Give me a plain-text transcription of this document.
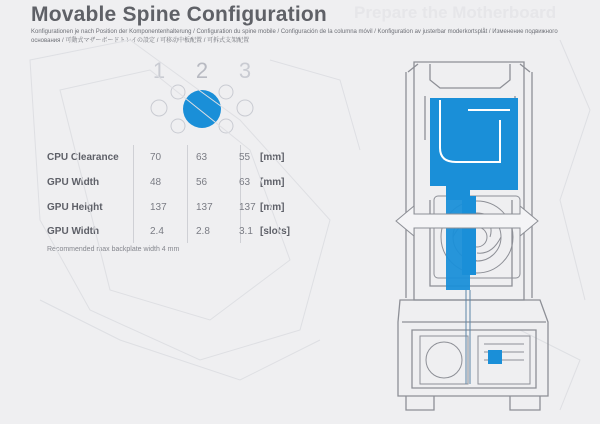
Prepare the Motherboard
Movable Spine Configuration
Konfigurationen je nach Position der Komponentenhalterung / Configuration du spine mobile / Configuración de la columna móvil / Konfiguration av justerbar moderkortsplåt / Изменение подвижного основания / 可動式マザーボードトレイの設定 / 可移动中板配置 / 可拆式支架配置
1 2 3
CPU Clearance	70	63	55 [mm]
GPU Width	48	56	63 [mm]
GPU Height	137	137	137 [mm]
GPU Width	2.4	2.8	3.1 [slots]
Recommended max backplate width 4 mm
